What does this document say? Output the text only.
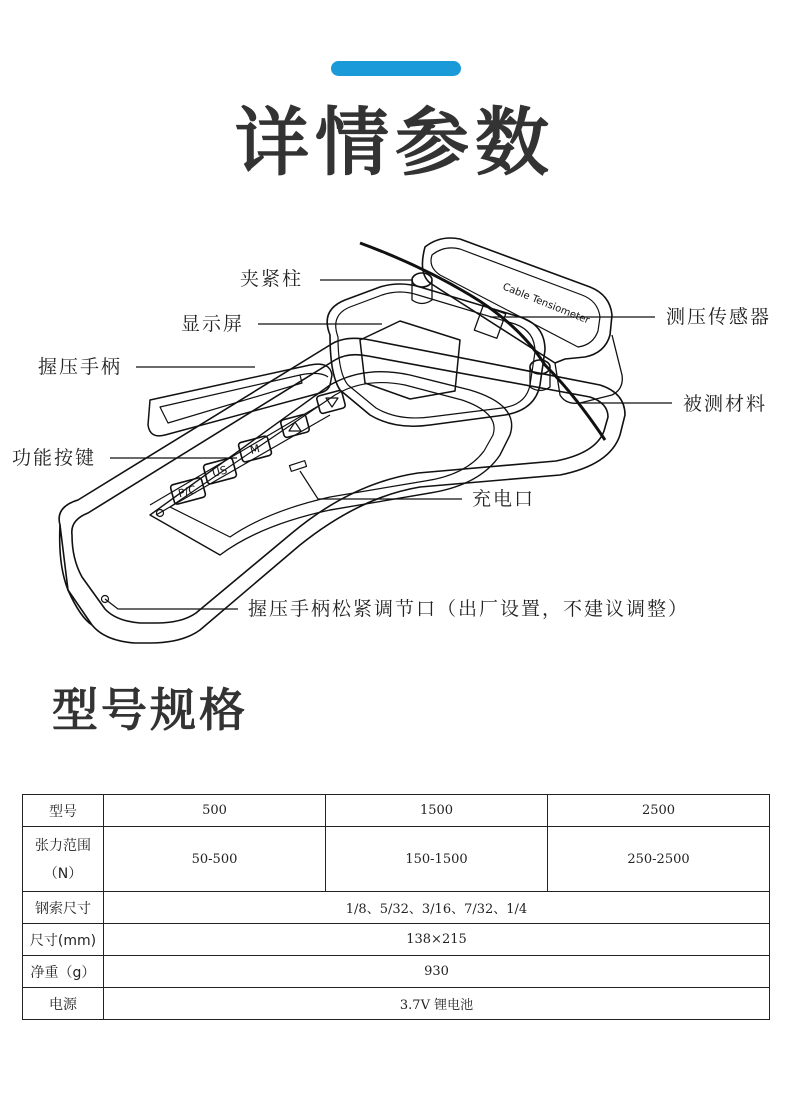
详情参数
M
US
P/C
Cable Tensiometer
夹紧柱
显示屏
握压手柄
功能按键
测压传感器
被测材料
充电口
握压手柄松紧调节口（出厂设置，不建议调整）
型号规格
型号	500	1500	2500
张力范围
（N）	50-500	150-1500	250-2500
钢索尺寸	1/8、5/32、3/16、7/32、1/4		
尺寸(mm)	138×215		
净重（g）	930		
电源	3.7V 锂电池		
